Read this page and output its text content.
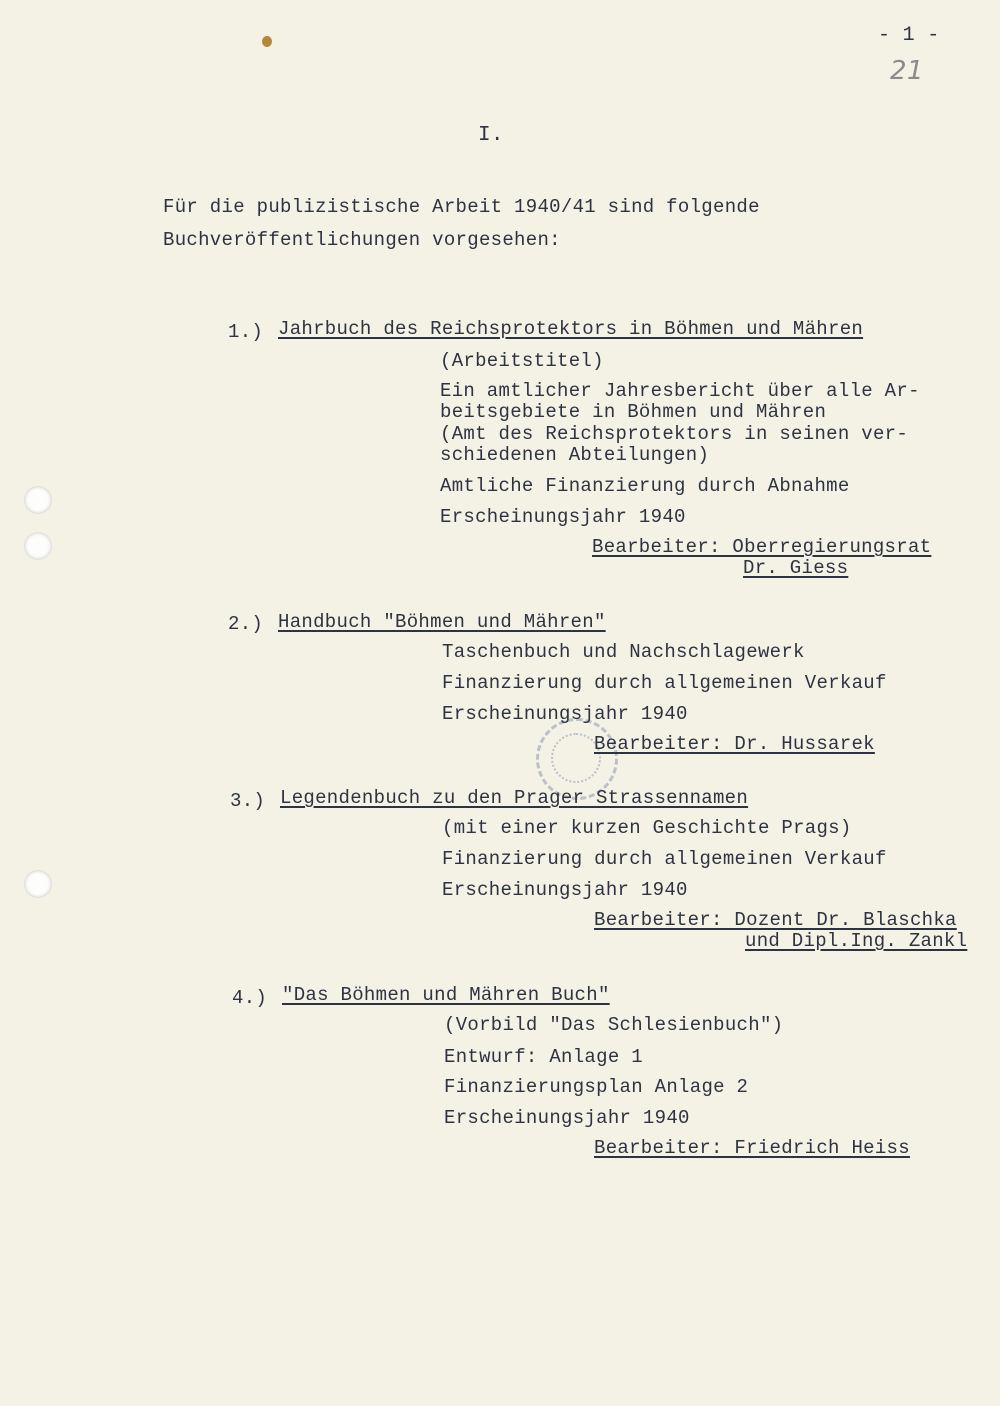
- 1 -
21
I.
Für die publizistische Arbeit 1940/41 sind folgende
Buchveröffentlichungen vorgesehen:
1.) Jahrbuch des Reichsprotektors in Böhmen und Mähren
(Arbeitstitel)
Ein amtlicher Jahresbericht über alle Ar-
beitsgebiete in Böhmen und Mähren
(Amt des Reichsprotektors in seinen ver-
schiedenen Abteilungen)
Amtliche Finanzierung durch Abnahme
Erscheinungsjahr 1940
Bearbeiter: Oberregierungsrat
Dr. Giess
2.) Handbuch "Böhmen und Mähren"
Taschenbuch und Nachschlagewerk
Finanzierung durch allgemeinen Verkauf
Erscheinungsjahr 1940
Bearbeiter: Dr. Hussarek
3.) Legendenbuch zu den Prager Strassennamen
(mit einer kurzen Geschichte Prags)
Finanzierung durch allgemeinen Verkauf
Erscheinungsjahr 1940
Bearbeiter: Dozent Dr. Blaschka
und Dipl.Ing. Zankl
4.) "Das Böhmen und Mähren Buch"
(Vorbild "Das Schlesienbuch")
Entwurf: Anlage 1
Finanzierungsplan Anlage 2
Erscheinungsjahr 1940
Bearbeiter: Friedrich Heiss
